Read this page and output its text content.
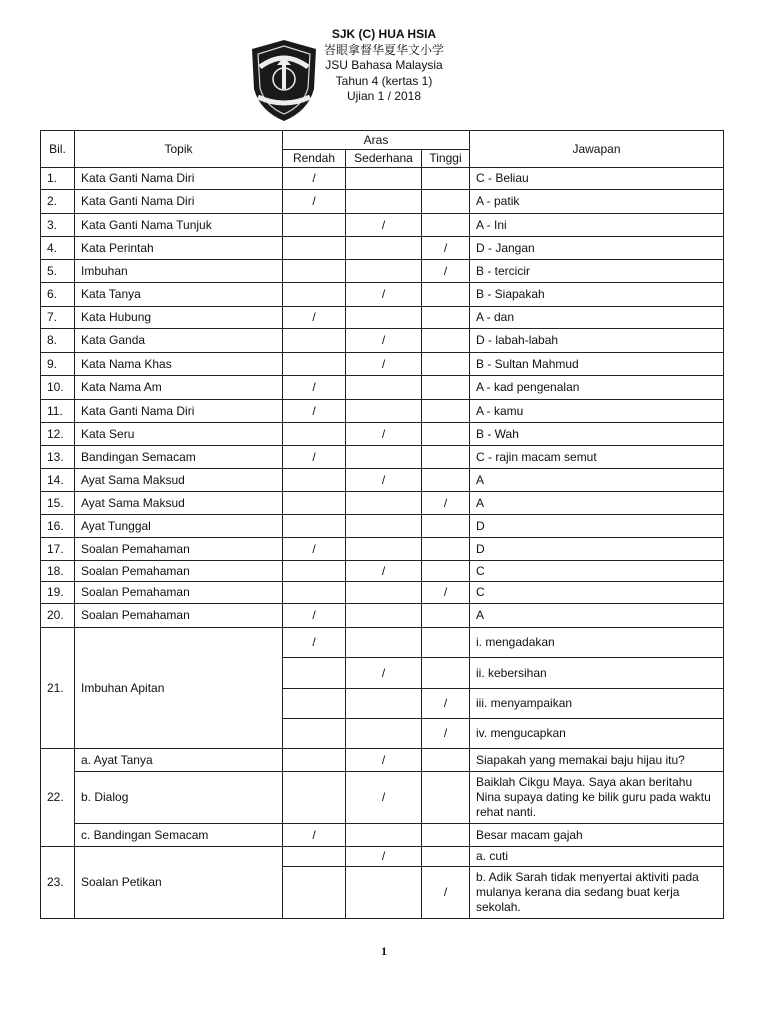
SJK (C) HUA HSIA
峇眼拿督华夏华文小学
JSU Bahasa Malaysia
Tahun 4 (kertas 1)
Ujian 1 / 2018
Bil.	Topik	Aras			Jawapan
		Rendah	Sederhana	Tinggi	
1.	Kata Ganti Nama Diri	/			C - Beliau
2.	Kata Ganti Nama Diri	/			A - patik
3.	Kata Ganti Nama Tunjuk		/		A - Ini
4.	Kata Perintah			/	D - Jangan
5.	Imbuhan			/	B - tercicir
6.	Kata Tanya		/		B - Siapakah
7.	Kata Hubung	/			A - dan
8.	Kata Ganda		/		D - labah-labah
9.	Kata Nama Khas		/		B - Sultan Mahmud
10.	Kata Nama Am	/			A - kad pengenalan
11.	Kata Ganti Nama Diri	/			A - kamu
12.	Kata Seru		/		B - Wah
13.	Bandingan Semacam	/			C - rajin macam semut
14.	Ayat Sama Maksud		/		A
15.	Ayat Sama Maksud			/	A
16.	Ayat Tunggal				D
17.	Soalan Pemahaman	/			D
18.	Soalan Pemahaman		/		C
19.	Soalan Pemahaman			/	C
20.	Soalan Pemahaman	/			A
21.	Imbuhan Apitan	/			i. mengadakan
			/		ii. kebersihan
				/	iii. menyampaikan
				/	iv. mengucapkan
22.	a. Ayat Tanya		/		Siapakah yang memakai baju hijau itu?
	b. Dialog		/		Baiklah Cikgu Maya. Saya akan beritahu Nina supaya dating ke bilik guru pada waktu rehat nanti.
	c. Bandingan Semacam	/			Besar macam gajah
23.	Soalan Petikan		/		a. cuti
				/	b. Adik Sarah tidak menyertai aktiviti pada mulanya kerana dia sedang buat kerja sekolah.
1
